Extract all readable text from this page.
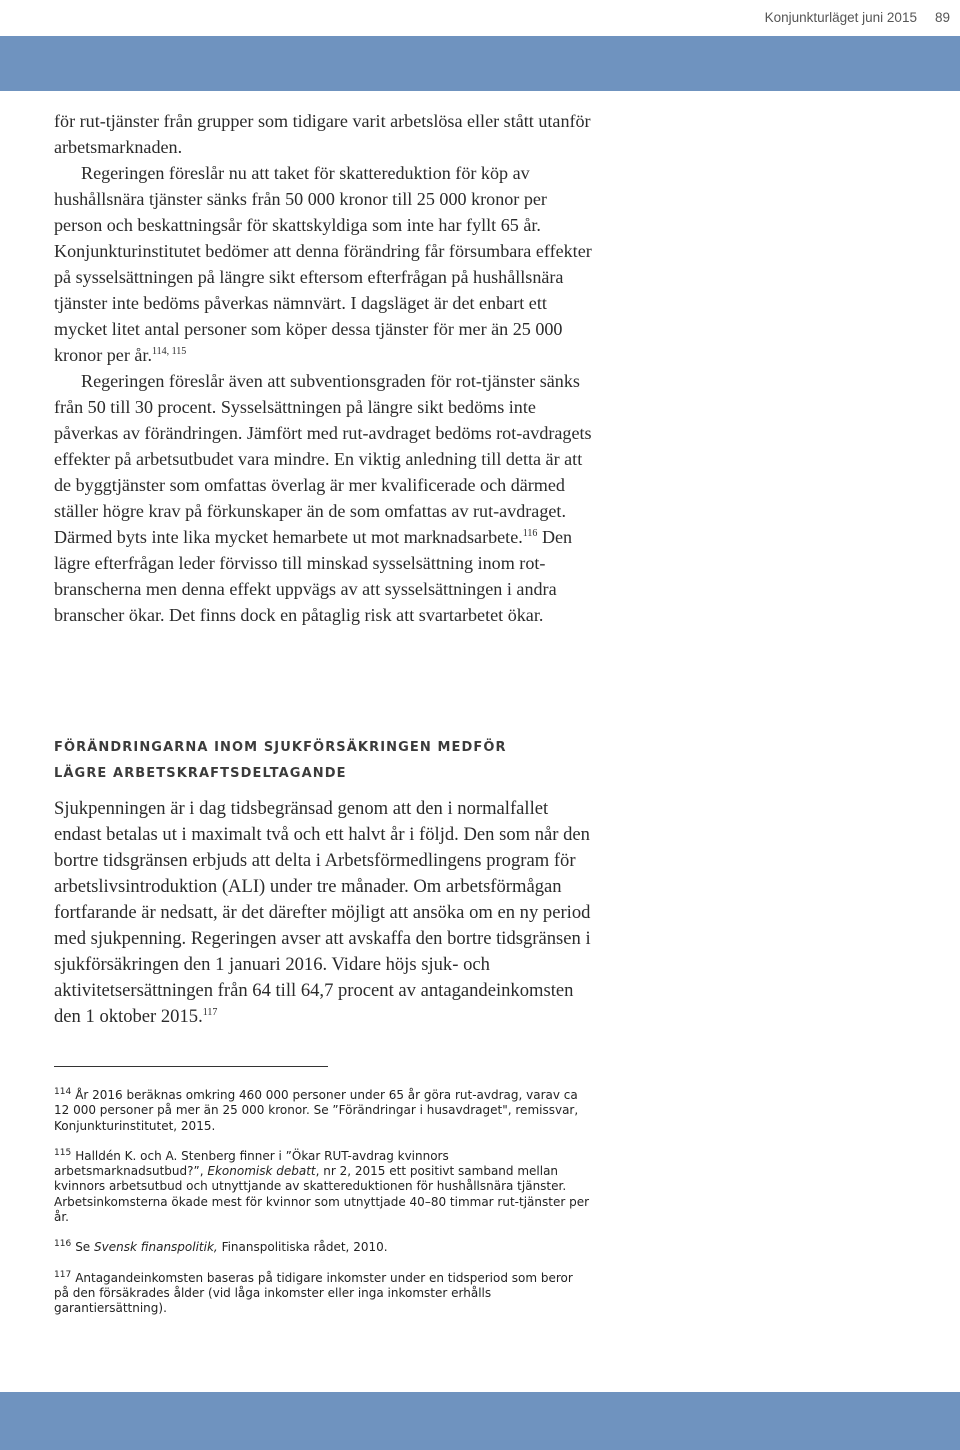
Konjunkturläget juni 2015 89

för rut-tjänster från grupper som tidigare varit arbetslösa eller stått utanför arbetsmarknaden.

Regeringen föreslår nu att taket för skattereduktion för köp av hushållsnära tjänster sänks från 50 000 kronor till 25 000 kronor per person och beskattningsår för skattskyldiga som inte har fyllt 65 år. Konjunkturinstitutet bedömer att denna förändring får försumbara effekter på sysselsättningen på längre sikt eftersom efterfrågan på hushållsnära tjänster inte bedöms påverkas nämnvärt. I dagsläget är det enbart ett mycket litet antal personer som köper dessa tjänster för mer än 25 000 kronor per år.$^{114, 115}$

Regeringen föreslår även att subventionsgraden för rot-tjänster sänks från 50 till 30 procent. Sysselsättningen på längre sikt bedöms inte påverkas av förändringen. Jämfört med rut-avdraget bedöms rot-avdragets effekter på arbetsutbudet vara mindre. En viktig anledning till detta är att de byggtjänster som omfattas överlag är mer kvalificerade och därmed ställer högre krav på förkunskaper än de som omfattas av rut-avdraget. Därmed byts inte lika mycket hemarbete ut mot marknadsarbete.$^{116}$ Den lägre efterfrågan leder förvisso till minskad sysselsättning inom rot-branscherna men denna effekt uppvägs av att sysselsättningen i andra branscher ökar. Det finns dock en påtaglig risk att svartarbetet ökar.

FÖRÄNDRINGARNA INOM SJUKFÖRSÄKRINGEN MEDFÖR
LÄGRE ARBETSKRAFTSDELTAGANDE

Sjukpenningen är i dag tidsbegränsad genom att den i normalfallet endast betalas ut i maximalt två och ett halvt år i följd. Den som når den bortre tidsgränsen erbjuds att delta i Arbetsförmedlingens program för arbetslivsintroduktion (ALI) under tre månader. Om arbetsförmågan fortfarande är nedsatt, är det därefter möjligt att ansöka om en ny period med sjukpenning. Regeringen avser att avskaffa den bortre tidsgränsen i sjukförsäkringen den 1 januari 2016. Vidare höjs sjuk- och aktivitetsersättningen från 64 till 64,7 procent av antagandeinkomsten den 1 oktober 2015.$^{117}$

$^{114}$ År 2016 beräknas omkring 460 000 personer under 65 år göra rut-avdrag, varav ca 12 000 personer på mer än 25 000 kronor. Se ”Förändringar i husavdraget", remissvar, Konjunkturinstitutet, 2015.

$^{115}$ Halldén K. och A. Stenberg finner i ”Ökar RUT-avdrag kvinnors arbetsmarknadsutbud?”, Ekonomisk debatt, nr 2, 2015 ett positivt samband mellan kvinnors arbetsutbud och utnyttjande av skattereduktionen för hushållsnära tjänster. Arbetsinkomsterna ökade mest för kvinnor som utnyttjade 40–80 timmar rut-tjänster per år.

$^{116}$ Se Svensk finanspolitik, Finanspolitiska rådet, 2010.

$^{117}$ Antagandeinkomsten baseras på tidigare inkomster under en tidsperiod som beror på den försäkrades ålder (vid låga inkomster eller inga inkomster erhålls garantiersättning).
